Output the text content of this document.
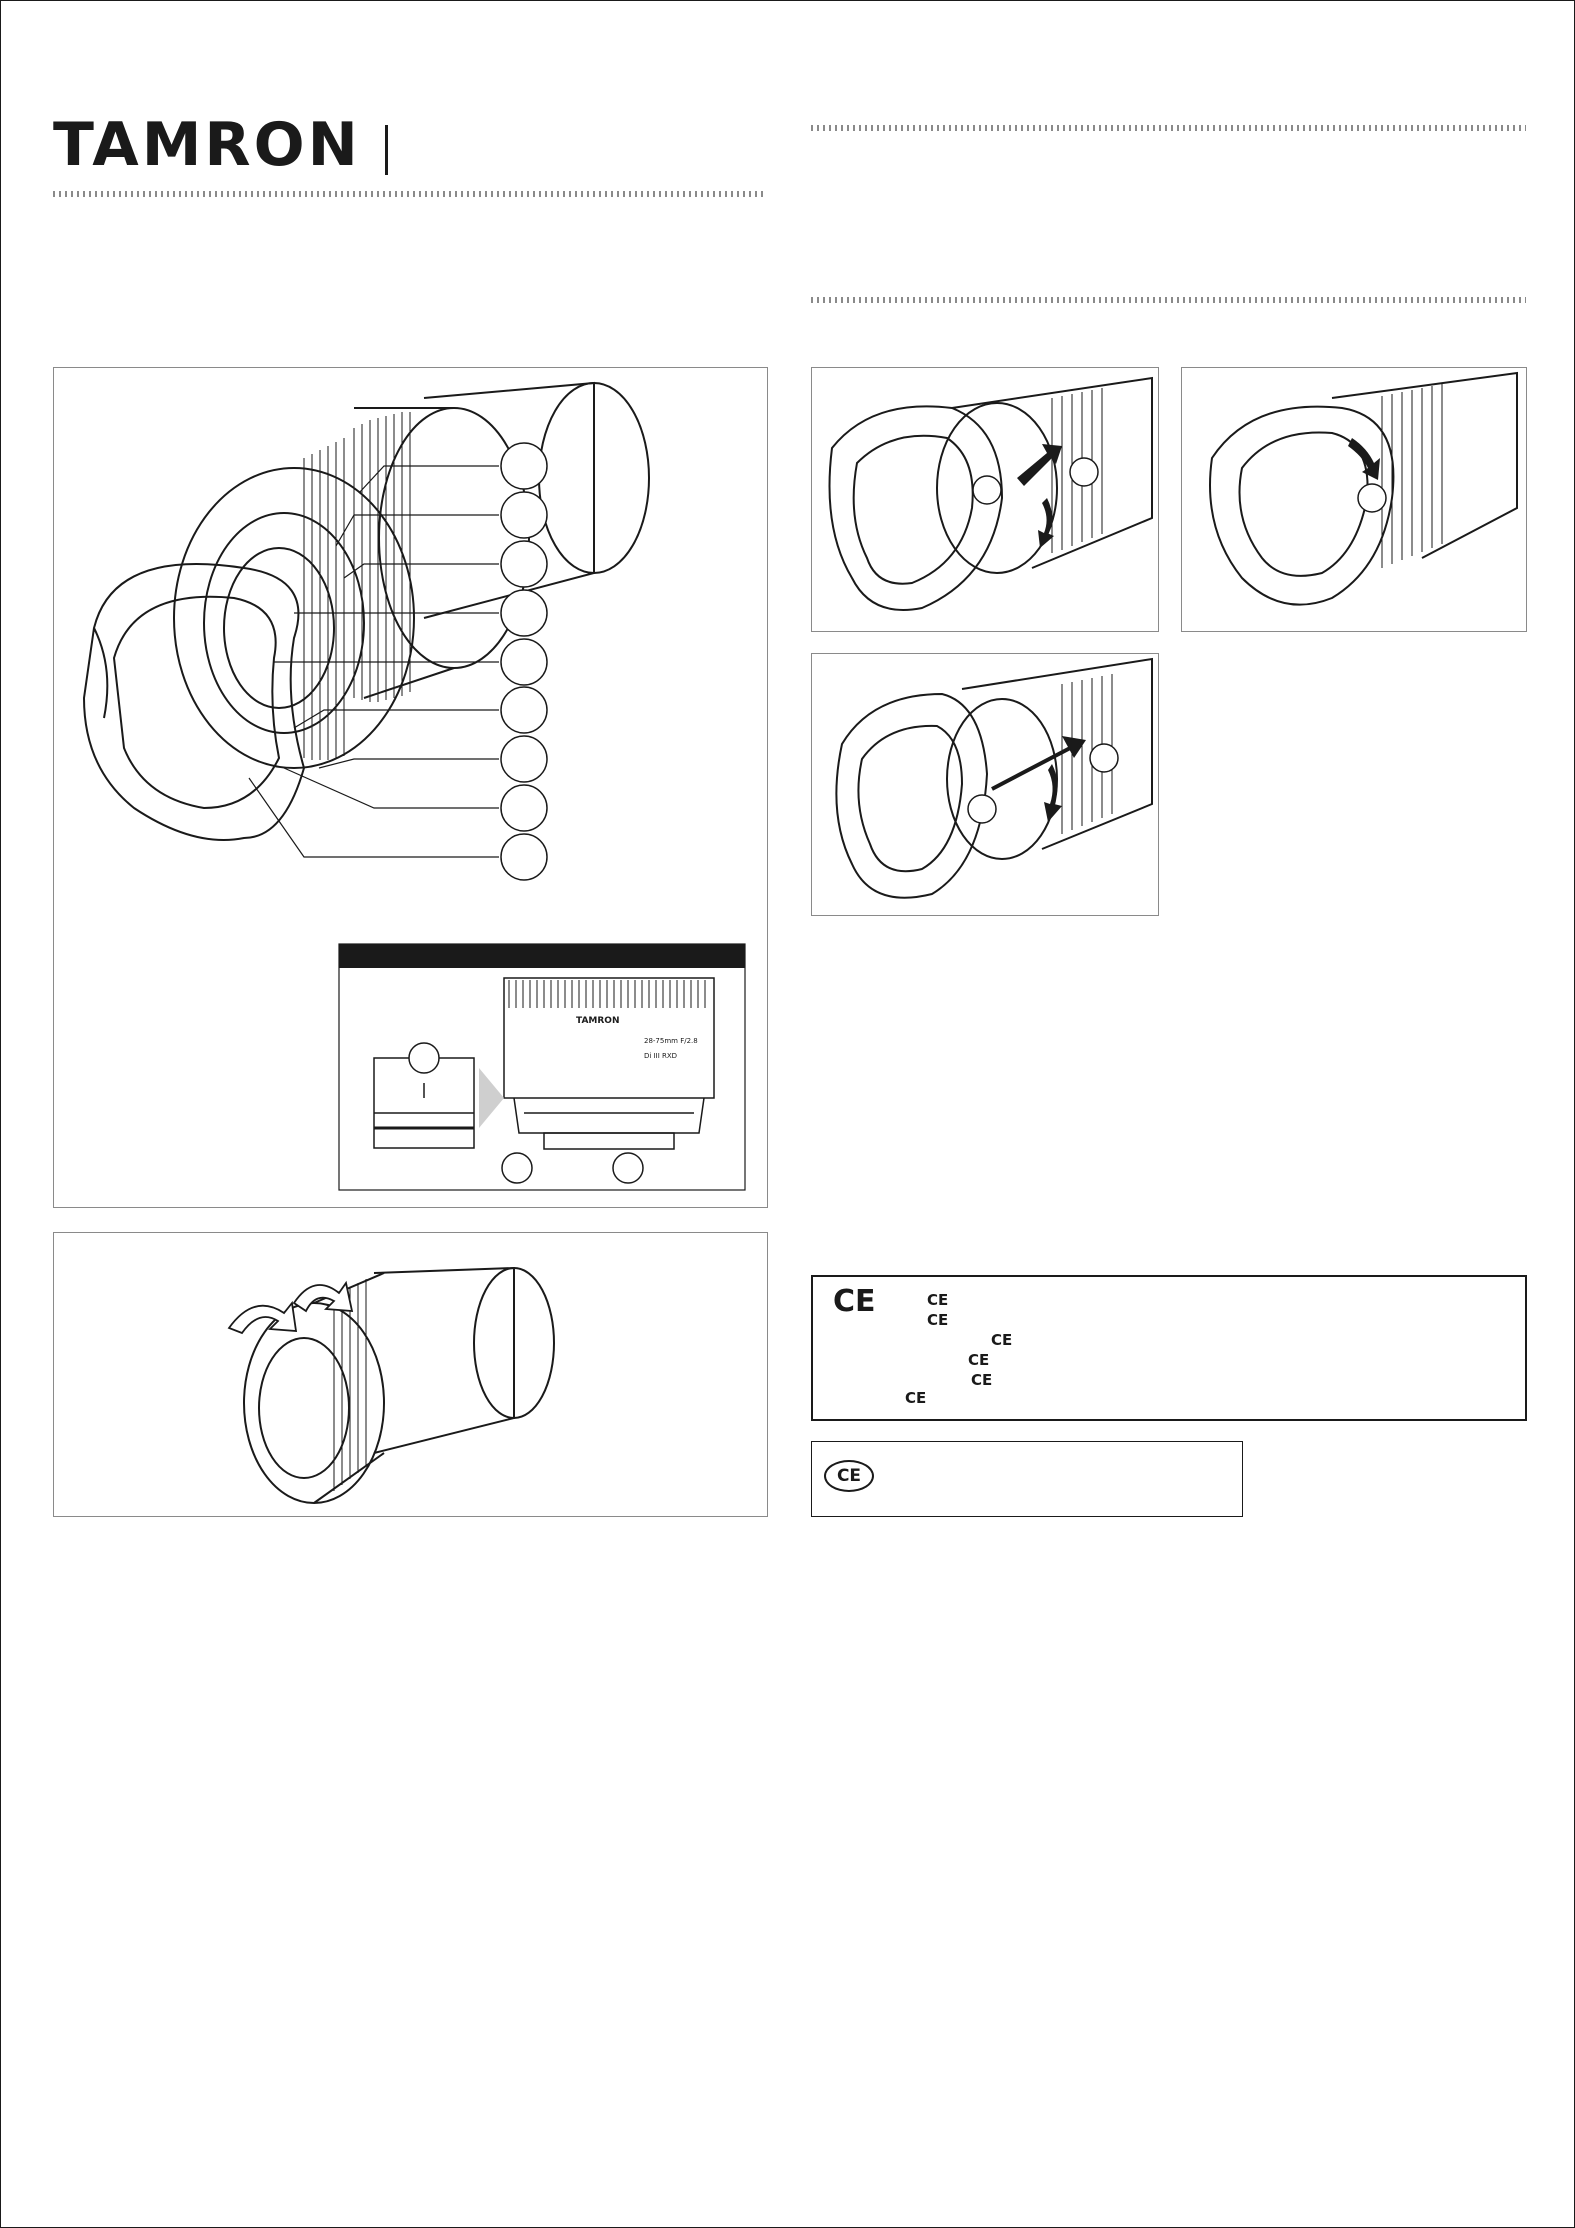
TAMRON
TAMRON
28-75mm F/2.8
Di III RXD
CE	CE
CE
CE
CE
CE
CE
CE
